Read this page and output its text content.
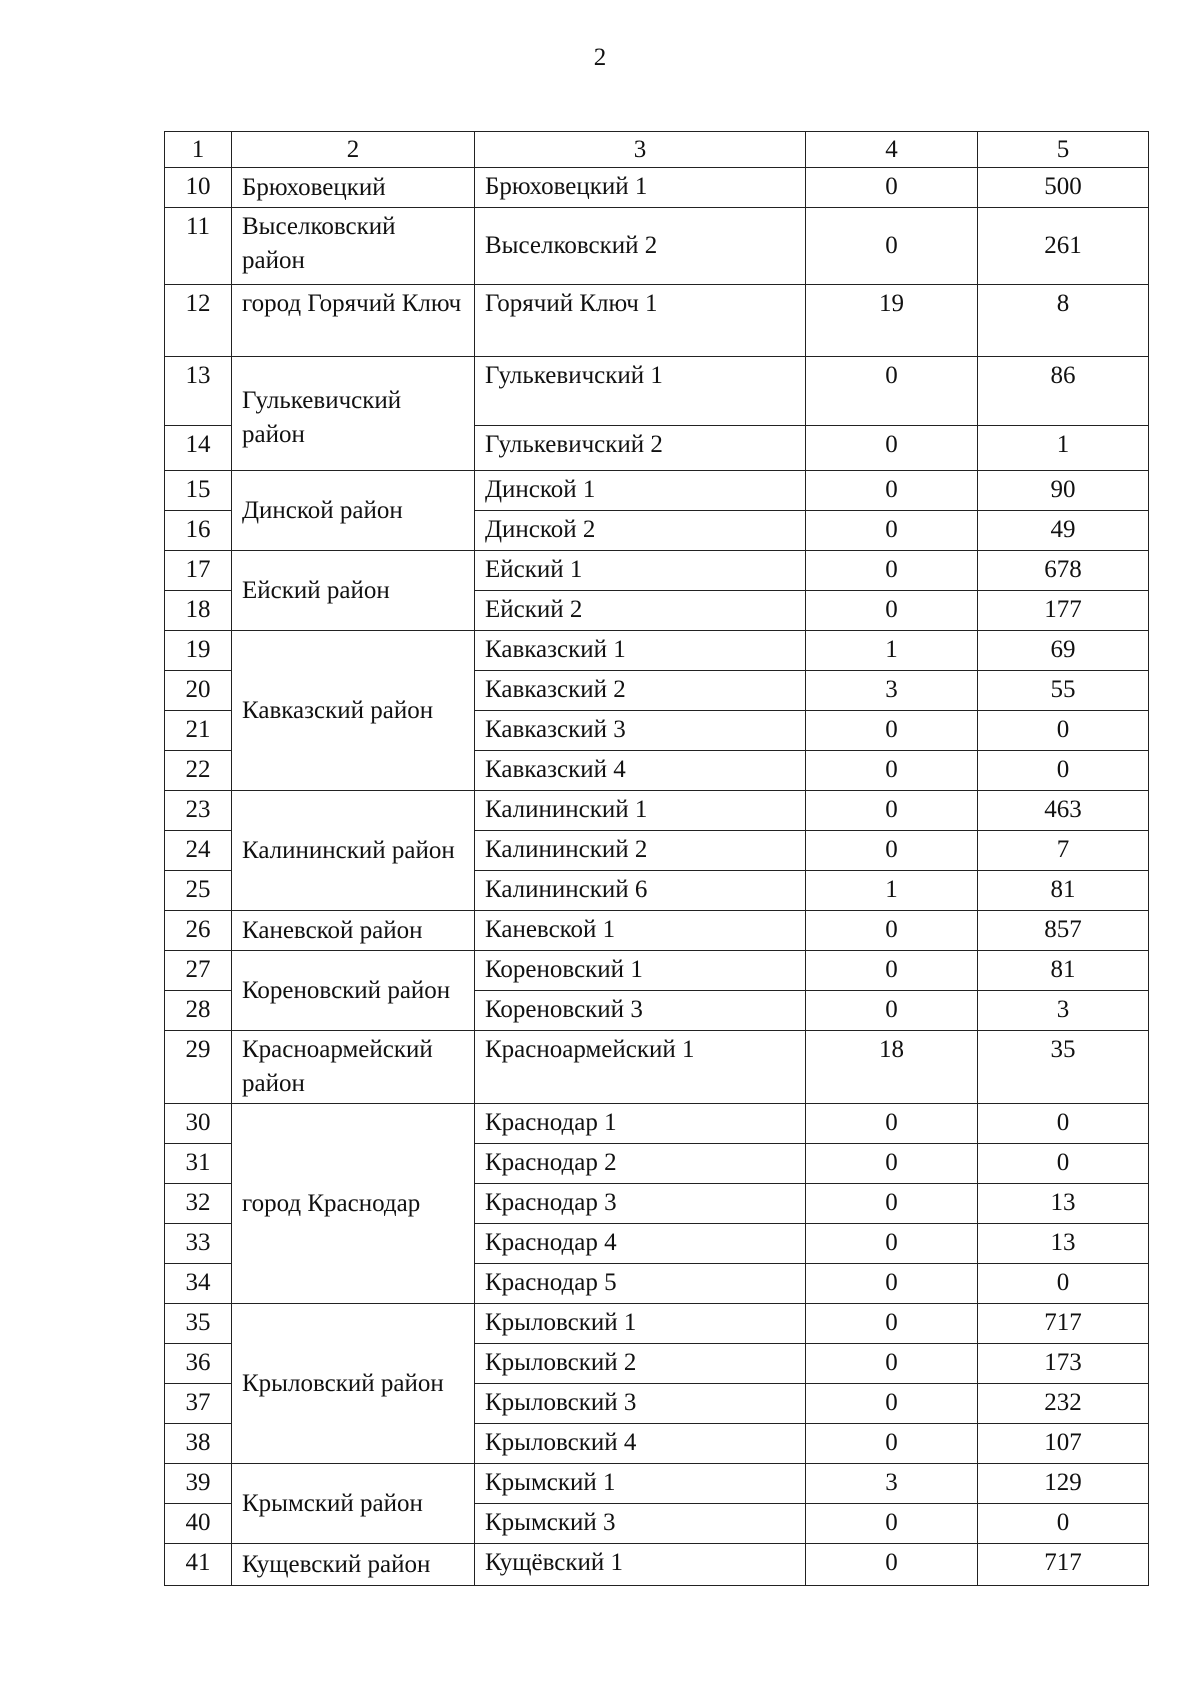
2
1	2	3	4	5
10	Брюховецкий	Брюховецкий 1	0	500
11	Выселковский район	Выселковский 2	0	261
12	город Горячий Ключ	Горячий Ключ 1	19	8
13	Гулькевичский район	Гулькевичский 1	0	86
14		Гулькевичский 2	0	1
15	Динской район	Динской 1	0	90
16		Динской 2	0	49
17	Ейский район	Ейский 1	0	678
18		Ейский 2	0	177
19	Кавказский район	Кавказский 1	1	69
20		Кавказский 2	3	55
21		Кавказский 3	0	0
22		Кавказский 4	0	0
23	Калининский район	Калининский 1	0	463
24		Калининский 2	0	7
25		Калининский 6	1	81
26	Каневской район	Каневской 1	0	857
27	Кореновский район	Кореновский 1	0	81
28		Кореновский 3	0	3
29	Красноармейский район	Красноармейский 1	18	35
30	город Краснодар	Краснодар 1	0	0
31		Краснодар 2	0	0
32		Краснодар 3	0	13
33		Краснодар 4	0	13
34		Краснодар 5	0	0
35	Крыловский район	Крыловский 1	0	717
36		Крыловский 2	0	173
37		Крыловский 3	0	232
38		Крыловский 4	0	107
39	Крымский район	Крымский 1	3	129
40		Крымский 3	0	0
41	Кущевский район	Кущёвский 1	0	717
